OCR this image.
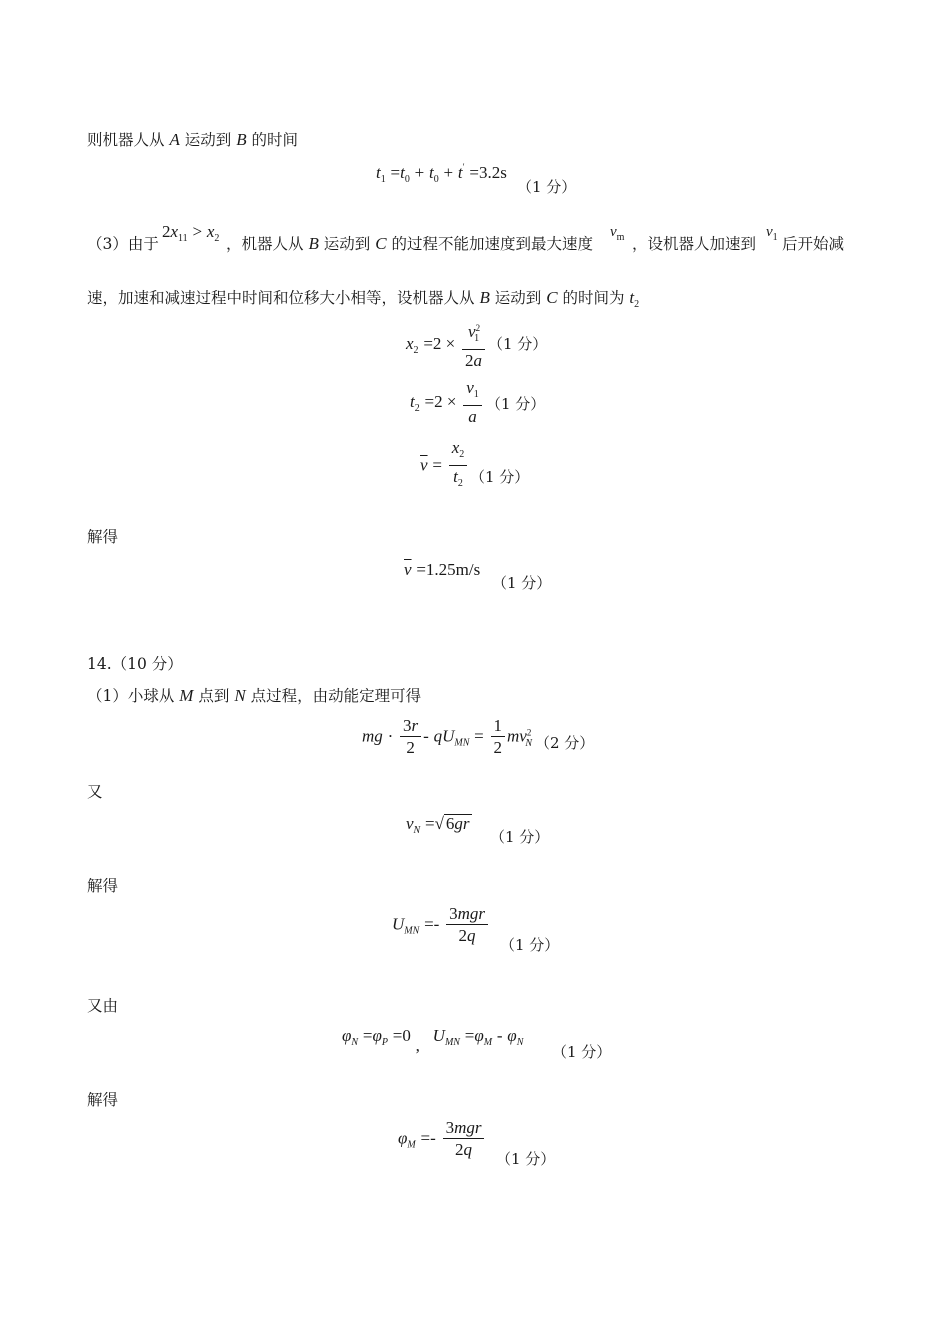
则机器人从 A 运动到 B 的时间
$t_1 =t_0 + t_0 + t' =3.2s$
（1 分）
（3）由于
$2x_{11} > x_2$ ，机器人从 B 运动到 C 的过程不能加速度到最大速度
$v_m$ ，设机器人加速到
$v_1$ 后开始减
速，加速和减速过程中时间和位移大小相等，设机器人从 B 运动到 C 的时间为 $t_2$
$x_2 =2 \times \frac{v^2_1}{2a} (1$ 分）
$t_2 =2 \times \frac{v_1}{a} (1$ 分）
$\overline{v} = \frac{x_2}{t_2} (1$ 分）
解得
$\overline{v} =1.25m/s$
（1 分）
14.（10 分）
（1）小球从 M 点到 N 点过程，由动能定理可得
mg · $\frac{3r}{2} - qU_{MN} = \frac{1}{2} mv^2_N$ （2 分）
又
$v_N$ =√ 6gr
（1 分）
解得
$U_{MN} =- \frac{\text{3mgr}}{2q} (1$ 分）
又由
$\varphi_N =\varphi_P =0$ , $U_{MN} =\varphi_M - \varphi_N$
（1 分）
解得
$\varphi_M =- \frac{\text{3mgr}}{2q} (1$ 分）
